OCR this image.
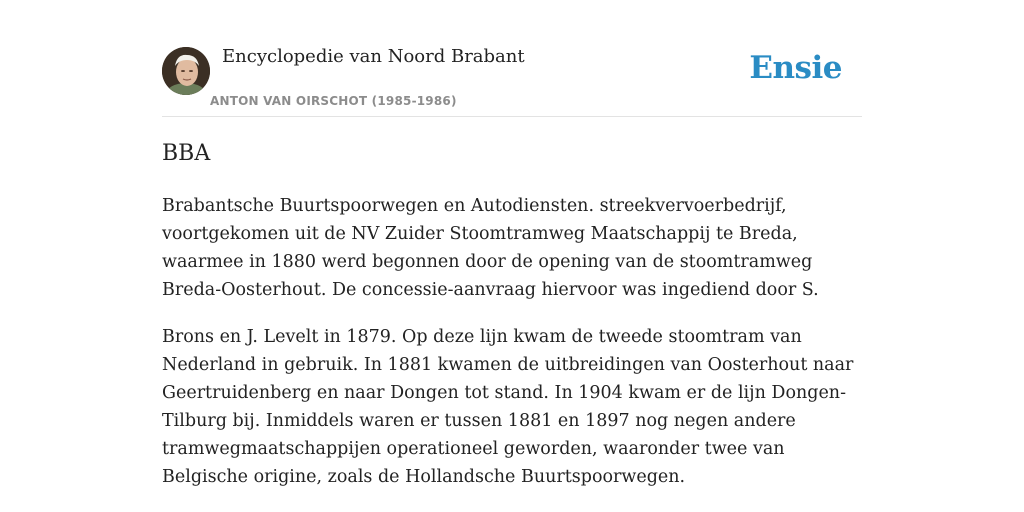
Encyclopedie van Noord Brabant
ANTON VAN OIRSCHOT (1985-1986)
Ensie
BBA

Brabantsche Buurtspoorwegen en Autodiensten. streekvervoerbedrijf, voortgekomen uit de NV Zuider Stoomtramweg Maatschappij te Breda, waarmee in 1880 werd begonnen door de opening van de stoomtramweg Breda-Oosterhout. De concessie-aanvraag hiervoor was ingediend door S.

Brons en J. Levelt in 1879. Op deze lijn kwam de tweede stoomtram van Nederland in gebruik. In 1881 kwamen de uitbreidingen van Oosterhout naar Geertruidenberg en naar Dongen tot stand. In 1904 kwam er de lijn Dongen-Tilburg bij. Inmiddels waren er tussen 1881 en 1897 nog negen andere tramwegmaatschappijen operationeel geworden, waaronder twee van Belgische origine, zoals de Hollandsche Buurtspoorwegen.
